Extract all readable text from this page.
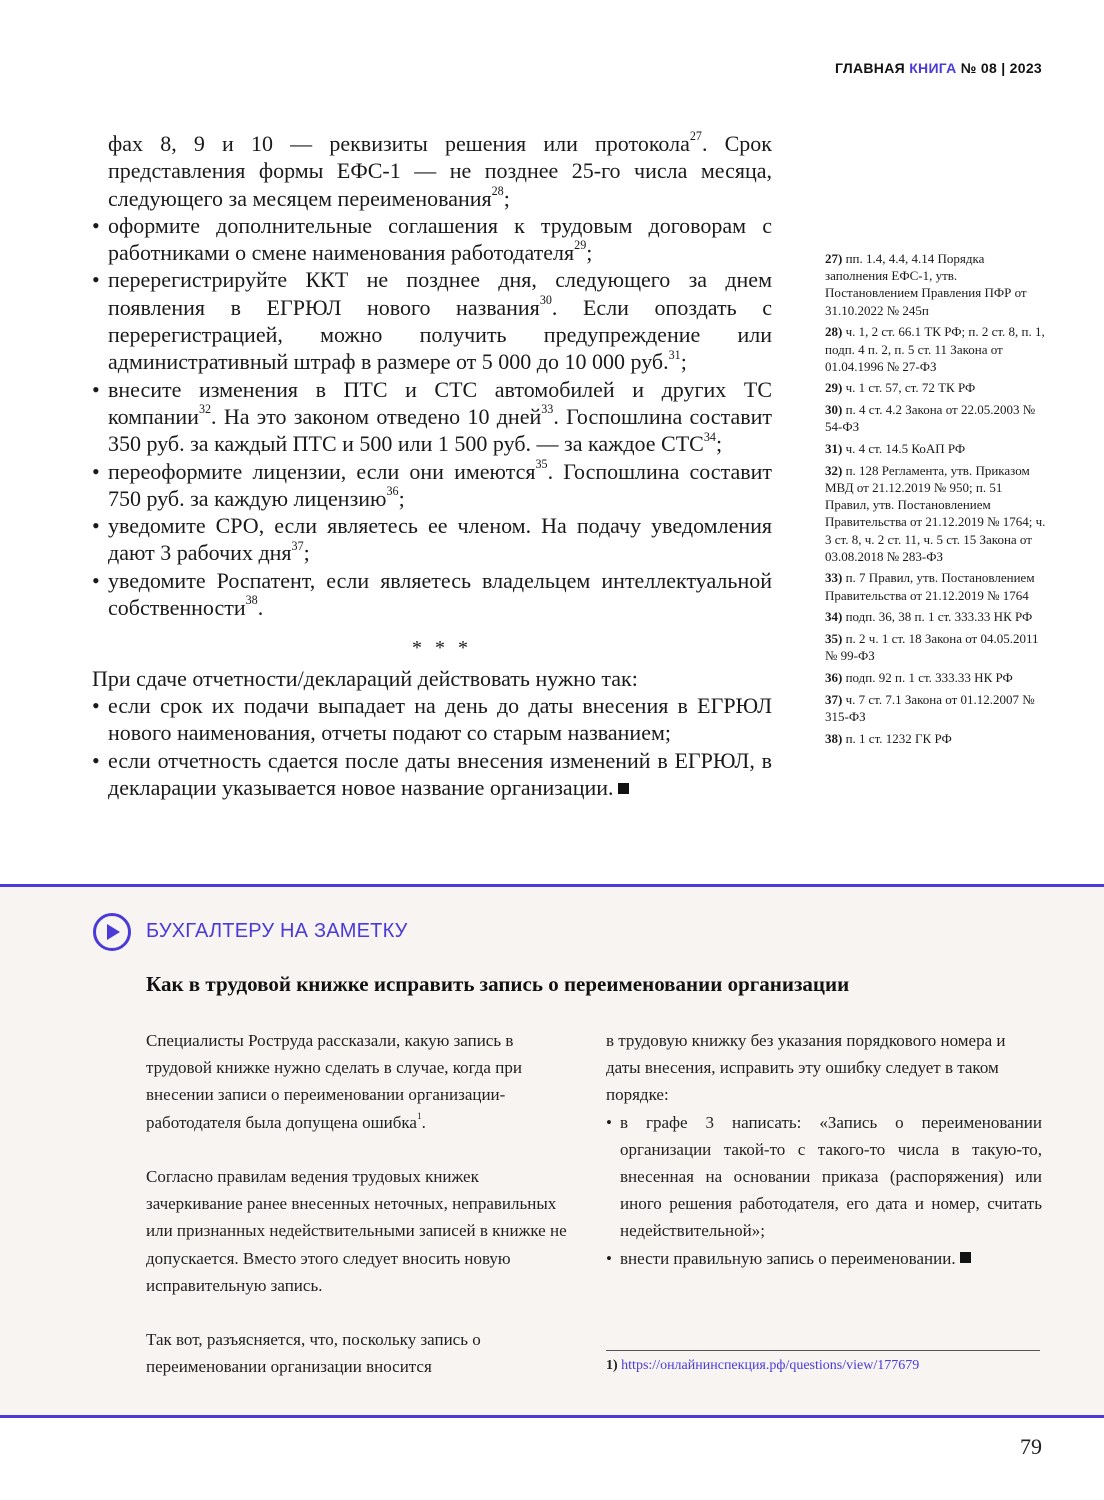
ГЛАВНАЯ КНИГА № 08 | 2023

фах 8, 9 и 10 — реквизиты решения или протокола$^{27}$. Срок представления формы ЕФС-1 — не позднее 25-го числа месяца, следующего за месяцем переименования$^{28}$;

• оформите дополнительные соглашения к трудовым договорам с работниками о смене наименования работодателя$^{29}$;
• перерегистрируйте ККТ не позднее дня, следующего за днем появления в ЕГРЮЛ нового названия$^{30}$. Если опоздать с перерегистрацией, можно получить предупреждение или административный штраф в размере от 5 000 до 10 000 руб.$^{31}$;
• внесите изменения в ПТС и СТС автомобилей и других ТС компании$^{32}$. На это законом отведено 10 дней$^{33}$. Госпошлина составит 350 руб. за каждый ПТС и 500 или 1 500 руб. — за каждое СТС$^{34}$;
• переоформите лицензии, если они имеются$^{35}$. Госпошлина составит 750 руб. за каждую лицензию$^{36}$;
• уведомите СРО, если являетесь ее членом. На подачу уведомления дают 3 рабочих дня$^{37}$;
• уведомите Роспатент, если являетесь владельцем интеллектуальной собственности$^{38}$.
* * *

При сдаче отчетности/деклараций действовать нужно так:

• если срок их подачи выпадает на день до даты внесения в ЕГРЮЛ нового наименования, отчеты подают со старым названием;
• если отчетность сдается после даты внесения изменений в ЕГРЮЛ, в декларации указывается новое название организации.
27) пп. 1.4, 4.4, 4.14 Порядка заполнения ЕФС-1, утв. Постановлением Правления ПФР от 31.10.2022 № 245п
28) ч. 1, 2 ст. 66.1 ТК РФ; п. 2 ст. 8, п. 1, подп. 4 п. 2, п. 5 ст. 11 Закона от 01.04.1996 № 27-ФЗ
29) ч. 1 ст. 57, ст. 72 ТК РФ
30) п. 4 ст. 4.2 Закона от 22.05.2003 № 54-ФЗ
31) ч. 4 ст. 14.5 КоАП РФ
32) п. 128 Регламента, утв. Приказом МВД от 21.12.2019 № 950; п. 51 Правил, утв. Постановлением Правительства от 21.12.2019 № 1764; ч. 3 ст. 8, ч. 2 ст. 11, ч. 5 ст. 15 Закона от 03.08.2018 № 283-ФЗ
33) п. 7 Правил, утв. Постановлением Правительства от 21.12.2019 № 1764
34) подп. 36, 38 п. 1 ст. 333.33 НК РФ
35) п. 2 ч. 1 ст. 18 Закона от 04.05.2011 № 99-ФЗ
36) подп. 92 п. 1 ст. 333.33 НК РФ
37) ч. 7 ст. 7.1 Закона от 01.12.2007 № 315-ФЗ
38) п. 1 ст. 1232 ГК РФ
БУХГАЛТЕРУ НА ЗАМЕТКУ
Как в трудовой книжке исправить запись о переименовании организации

Специалисты Роструда рассказали, какую запись в трудовой книжке нужно сделать в случае, когда при внесении записи о переименовании организации-работодателя была допущена ошибка$^1$.

Согласно правилам ведения трудовых книжек зачеркивание ранее внесенных неточных, неправильных или признанных недействительными записей в книжке не допускается. Вместо этого следует вносить новую исправительную запись.

Так вот, разъясняется, что, поскольку запись о переименовании организации вносится

в трудовую книжку без указания порядкового номера и даты внесения, исправить эту ошибку следует в таком порядке:

• в графе 3 написать: «Запись о переименовании организации такой-то с такого-то числа в такую-то, внесенная на основании приказа (распоряжения) или иного решения работодателя, его дата и номер, считать недействительной»;
• внести правильную запись о переименовании.
1) https://онлайнинспекция.рф/questions/view/177679
79
